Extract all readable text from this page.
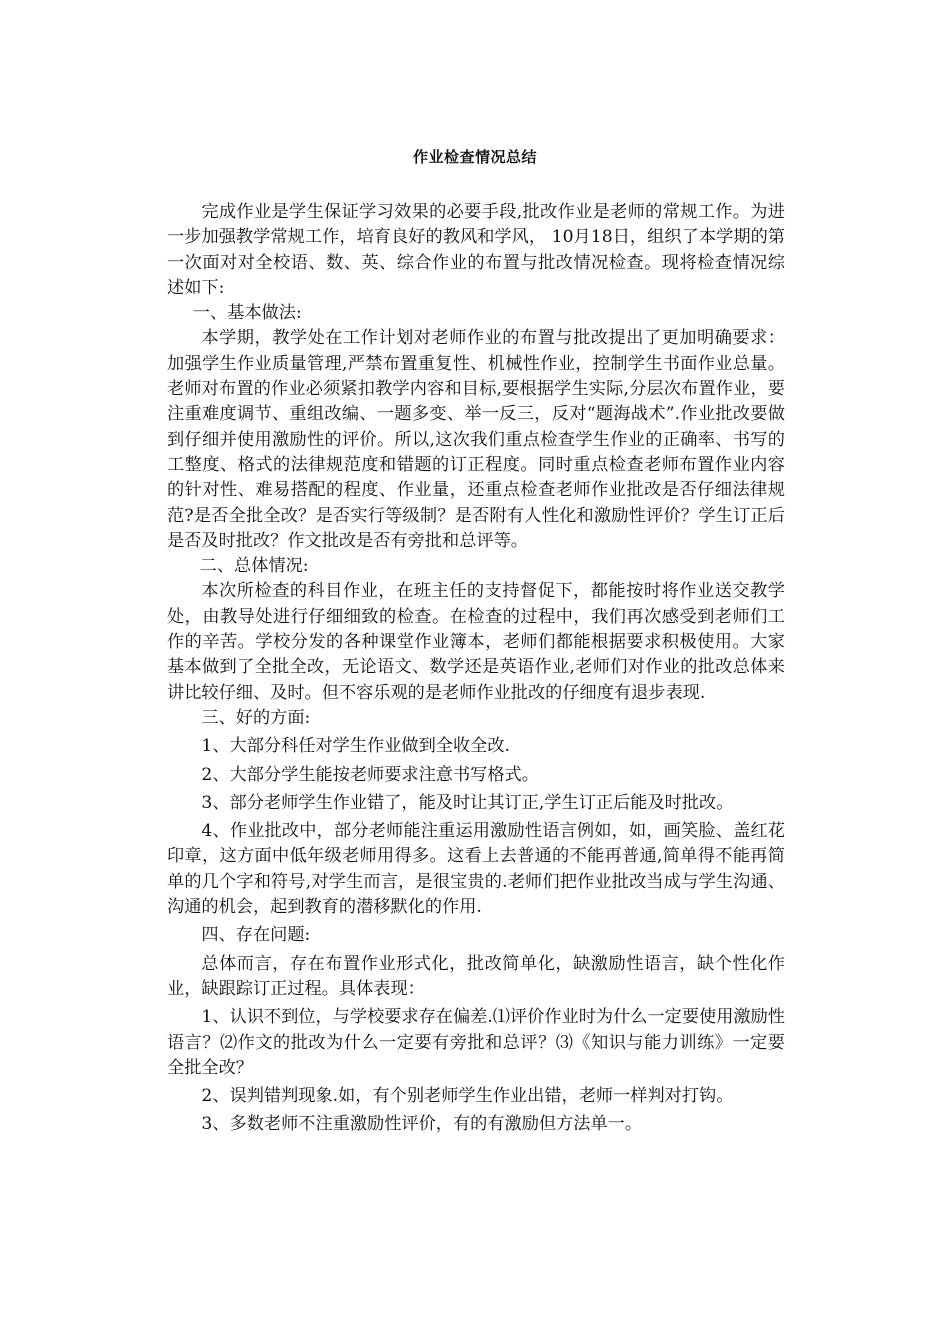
作业检查情况总结

完成作业是学生保证学习效果的必要手段,批改作业是老师的常规工作。为进一步加强教学常规工作，培育良好的教风和学风， 10月18日，组织了本学期的第一次面对对全校语、数、英、综合作业的布置与批改情况检查。现将检查情况综述如下:

一、基本做法:

本学期，教学处在工作计划对老师作业的布置与批改提出了更加明确要求：加强学生作业质量管理,严禁布置重复性、机械性作业，控制学生书面作业总量。老师对布置的作业必须紧扣教学内容和目标,要根据学生实际,分层次布置作业，要注重难度调节、重组改编、一题多变、举一反三，反对“题海战术”.作业批改要做到仔细并使用激励性的评价。所以,这次我们重点检查学生作业的正确率、书写的工整度、格式的法律规范度和错题的订正程度。同时重点检查老师布置作业内容的针对性、难易搭配的程度、作业量，还重点检查老师作业批改是否仔细法律规范?是否全批全改？是否实行等级制？是否附有人性化和激励性评价？学生订正后是否及时批改？作文批改是否有旁批和总评等。

二、总体情况:

本次所检查的科目作业，在班主任的支持督促下，都能按时将作业送交教学处，由教导处进行仔细细致的检查。在检查的过程中，我们再次感受到老师们工作的辛苦。学校分发的各种课堂作业簿本，老师们都能根据要求积极使用。大家基本做到了全批全改，无论语文、数学还是英语作业,老师们对作业的批改总体来讲比较仔细、及时。但不容乐观的是老师作业批改的仔细度有退步表现.

三、好的方面:

1、大部分科任对学生作业做到全收全改.

2、大部分学生能按老师要求注意书写格式。

3、部分老师学生作业错了，能及时让其订正,学生订正后能及时批改。

4、作业批改中，部分老师能注重运用激励性语言例如，如，画笑脸、盖红花印章，这方面中低年级老师用得多。这看上去普通的不能再普通,简单得不能再简单的几个字和符号,对学生而言，是很宝贵的.老师们把作业批改当成与学生沟通、沟通的机会，起到教育的潜移默化的作用.

四、存在问题:

总体而言，存在布置作业形式化，批改简单化，缺激励性语言，缺个性化作业，缺跟踪订正过程。具体表现：

1、认识不到位，与学校要求存在偏差.⑴评价作业时为什么一定要使用激励性语言？⑵作文的批改为什么一定要有旁批和总评？⑶《知识与能力训练》一定要全批全改？

2、误判错判现象.如，有个别老师学生作业出错，老师一样判对打钩。

3、多数老师不注重激励性评价，有的有激励但方法单一。
